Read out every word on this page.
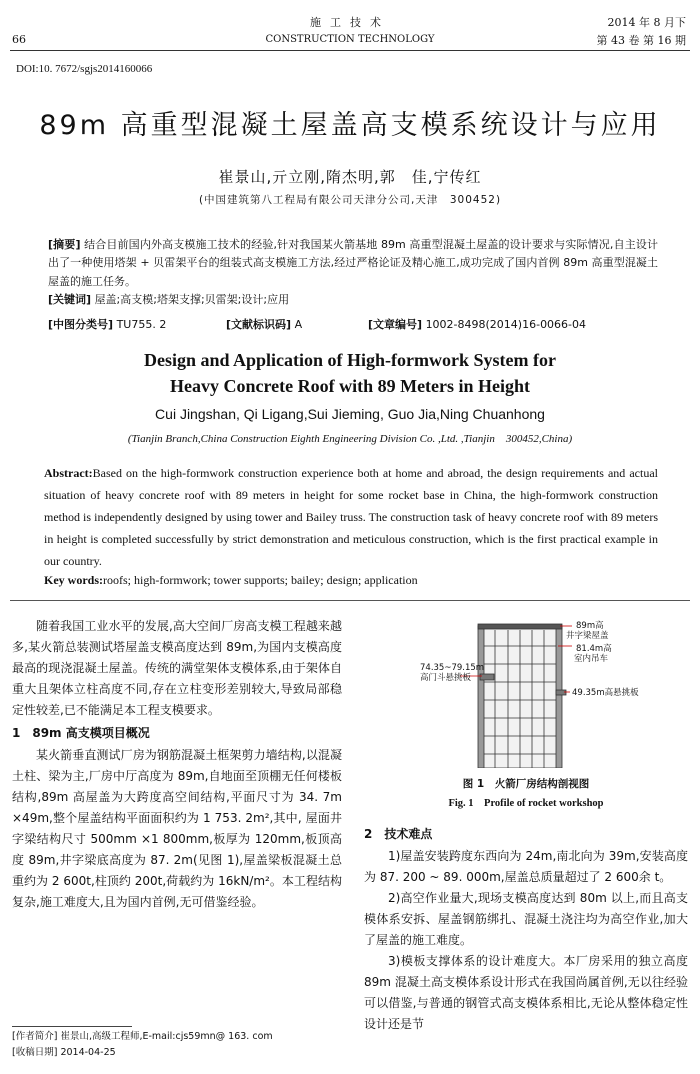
66
施工技术
CONSTRUCTION TECHNOLOGY
2014 年 8 月下
第 43 卷 第 16 期
DOI:10. 7672/sgjs2014160066
89m 高重型混凝土屋盖高支模系统设计与应用
崔景山,亓立刚,隋杰明,郭　佳,宁传红
(中国建筑第八工程局有限公司天津分公司,天津　300452)
[摘要] 结合目前国内外高支模施工技术的经验,针对我国某火箭基地 89m 高重型混凝土屋盖的设计要求与实际情况,自主设计出了一种使用塔架 + 贝雷架平台的组装式高支模施工方法,经过严格论证及精心施工,成功完成了国内首例 89m 高重型混凝土屋盖的施工任务。
[关键词] 屋盖;高支模;塔架支撑;贝雷架;设计;应用
[中图分类号] TU755. 2	[文献标识码] A	[文章编号] 1002-8498(2014)16-0066-04
Design and Application of High-formwork System for
Heavy Concrete Roof with 89 Meters in Height
Cui Jingshan, Qi Ligang,Sui Jieming, Guo Jia,Ning Chuanhong
(Tianjin Branch,China Construction Eighth Engineering Division Co. ,Ltd. ,Tianjin　300452,China)
Abstract:Based on the high-formwork construction experience both at home and abroad, the design requirements and actual situation of heavy concrete roof with 89 meters in height for some rocket base in China, the high-formwork construction method is independently designed by using tower and Bailey truss. The construction task of heavy concrete roof with 89 meters in height is completed successfully by strict demonstration and meticulous construction, which is the first practical example in our country.
Key words:roofs; high-formwork; tower supports; bailey; design; application

随着我国工业水平的发展,高大空间厂房高支模工程越来越多,某火箭总装测试塔屋盖支模高度达到 89m,为国内支模高度最高的现浇混凝土屋盖。传统的满堂架体支模体系,由于架体自重大且架体立柱高度不同,存在立柱变形差别较大,导致局部稳定性较差,已不能满足本工程支模要求。

1　89m 高支模项目概况

某火箭垂直测试厂房为钢筋混凝土框架剪力墙结构,以混凝土柱、梁为主,厂房中厅高度为 89m,自地面至顶棚无任何楼板结构,89m 高屋盖为大跨度高空间结构,平面尺寸为 34. 7m ×49m,整个屋盖结构平面面积约为 1 753. 2m²,其中, 屋面井字梁结构尺寸 500mm ×1 800mm,板厚为 120mm,板顶高度 89m,井字梁底高度为 87. 2m(见图 1),屋盖梁板混凝土总重约为 2 600t,柱顶约 200t,荷载约为 16kN/m²。本工程结构复杂,施工难度大,且为国内首例,无可借鉴经验。

89m高
井字梁屋盖
81.4m高
室内吊车
74.35~79.15m
高门斗悬挑板
49.35m高悬挑板
图 1　火箭厂房结构剖视图
Fig. 1　Profile of rocket workshop
2　技术难点

1)屋盖安装跨度东西向为 24m,南北向为 39m,安装高度为 87. 200 ~ 89. 000m,屋盖总质量超过了 2 600余 t。

2)高空作业量大,现场支模高度达到 80m 以上,而且高支模体系安拆、屋盖钢筋绑扎、混凝土浇注均为高空作业,加大了屋盖的施工难度。

3)模板支撑体系的设计难度大。本厂房采用的独立高度 89m 混凝土高支模体系设计形式在我国尚属首例,无以往经验可以借鉴,与普通的钢管式高支模体系相比,无论从整体稳定性设计还是节

[作者简介] 崔景山,高级工程师,E-mail:cjs59mn@ 163. com
[收稿日期] 2014-04-25
